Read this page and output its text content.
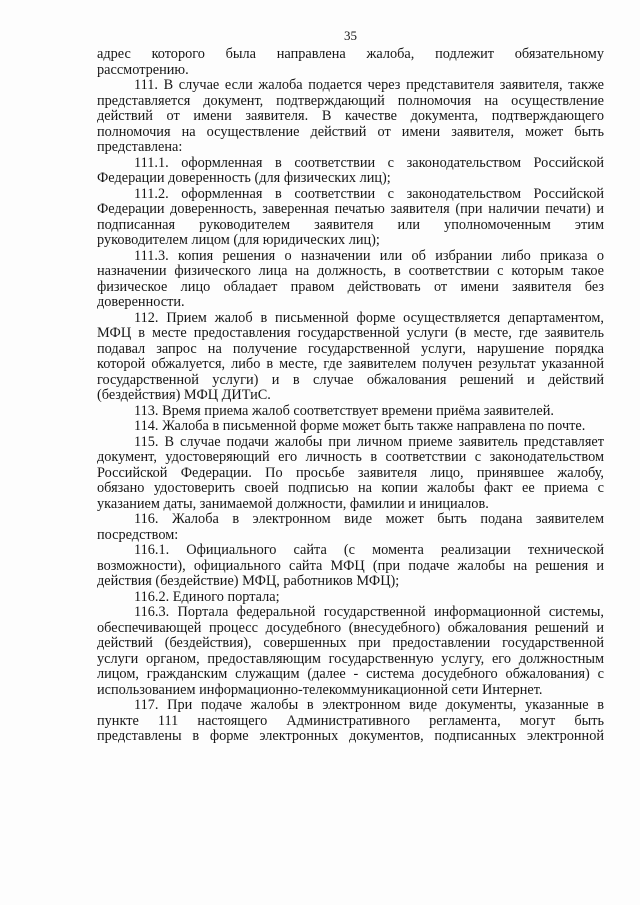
35
адрес которого была направлена жалоба, подлежит обязательному
рассмотрению.
111. В случае если жалоба подается через представителя заявителя, также
представляется документ, подтверждающий полномочия на осуществление
действий от имени заявителя. В качестве документа, подтверждающего
полномочия на осуществление действий от имени заявителя, может быть
представлена:
111.1. оформленная в соответствии с законодательством Российской
Федерации доверенность (для физических лиц);
111.2. оформленная в соответствии с законодательством Российской
Федерации доверенность, заверенная печатью заявителя (при наличии печати) и
подписанная руководителем заявителя или уполномоченным этим
руководителем лицом (для юридических лиц);
111.3. копия решения о назначении или об избрании либо приказа о
назначении физического лица на должность, в соответствии с которым такое
физическое лицо обладает правом действовать от имени заявителя без
доверенности.
112. Прием жалоб в письменной форме осуществляется департаментом,
МФЦ в месте предоставления государственной услуги (в месте, где заявитель
подавал запрос на получение государственной услуги, нарушение порядка
которой обжалуется, либо в месте, где заявителем получен результат указанной
государственной услуги) и в случае обжалования решений и действий
(бездействия) МФЦ ДИТиС.
113. Время приема жалоб соответствует времени приёма заявителей.
114. Жалоба в письменной форме может быть также направлена по почте.
115. В случае подачи жалобы при личном приеме заявитель представляет
документ, удостоверяющий его личность в соответствии с законодательством
Российской Федерации. По просьбе заявителя лицо, принявшее жалобу,
обязано удостоверить своей подписью на копии жалобы факт ее приема с
указанием даты, занимаемой должности, фамилии и инициалов.
116. Жалоба в электронном виде может быть подана заявителем
посредством:
116.1. Официального сайта (с момента реализации технической
возможности), официального сайта МФЦ (при подаче жалобы на решения и
действия (бездействие) МФЦ, работников МФЦ);
116.2. Единого портала;
116.3. Портала федеральной государственной информационной системы,
обеспечивающей процесс досудебного (внесудебного) обжалования решений и
действий (бездействия), совершенных при предоставлении государственной
услуги органом, предоставляющим государственную услугу, его должностным
лицом, гражданским служащим (далее - система досудебного обжалования) с
использованием информационно-телекоммуникационной сети Интернет.
117. При подаче жалобы в электронном виде документы, указанные в
пункте 111 настоящего Административного регламента, могут быть
представлены в форме электронных документов, подписанных электронной
